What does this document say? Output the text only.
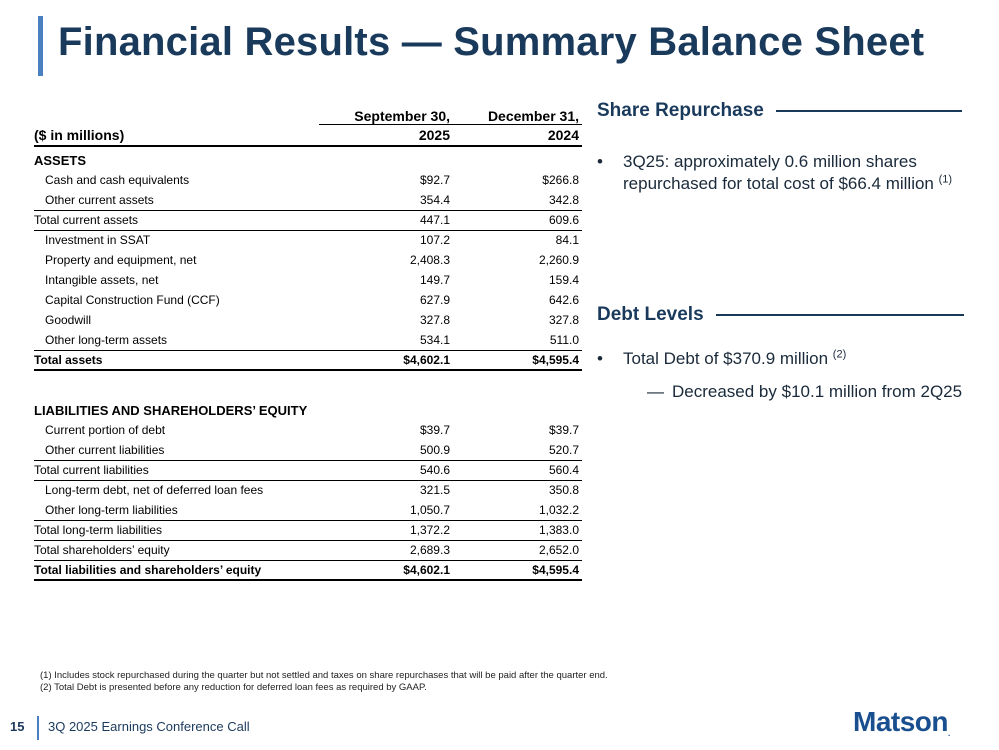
Financial Results — Summary Balance Sheet
	September 30,	December 31,
($ in millions)	2025	2024
ASSETS		
Cash and cash equivalents	$92.7	$266.8
Other current assets	354.4	342.8
Total current assets	447.1	609.6
Investment in SSAT	107.2	84.1
Property and equipment, net	2,408.3	2,260.9
Intangible assets, net	149.7	159.4
Capital Construction Fund (CCF)	627.9	642.6
Goodwill	327.8	327.8
Other long-term assets	534.1	511.0
Total assets	$4,602.1	$4,595.4

LIABILITIES AND SHAREHOLDERS’ EQUITY		
Current portion of debt	$39.7	$39.7
Other current liabilities	500.9	520.7
Total current liabilities	540.6	560.4
Long-term debt, net of deferred loan fees	321.5	350.8
Other long-term liabilities	1,050.7	1,032.2
Total long-term liabilities	1,372.2	1,383.0
Total shareholders’ equity	2,689.3	2,652.0
Total liabilities and shareholders’ equity	$4,602.1	$4,595.4
Share Repurchase
•	3Q25: approximately 0.6 million shares repurchased for total cost of $66.4 million $^{(1)}$
Debt Levels
•	Total Debt of $370.9 million $^{(2)}$
— Decreased by $10.1 million from 2Q25
(1) Includes stock repurchased during the quarter but not settled and taxes on share repurchases that will be paid after the quarter end.
(2) Total Debt is presented before any reduction for deferred loan fees as required by GAAP.
15 3Q 2025 Earnings Conference Call	Matson.
